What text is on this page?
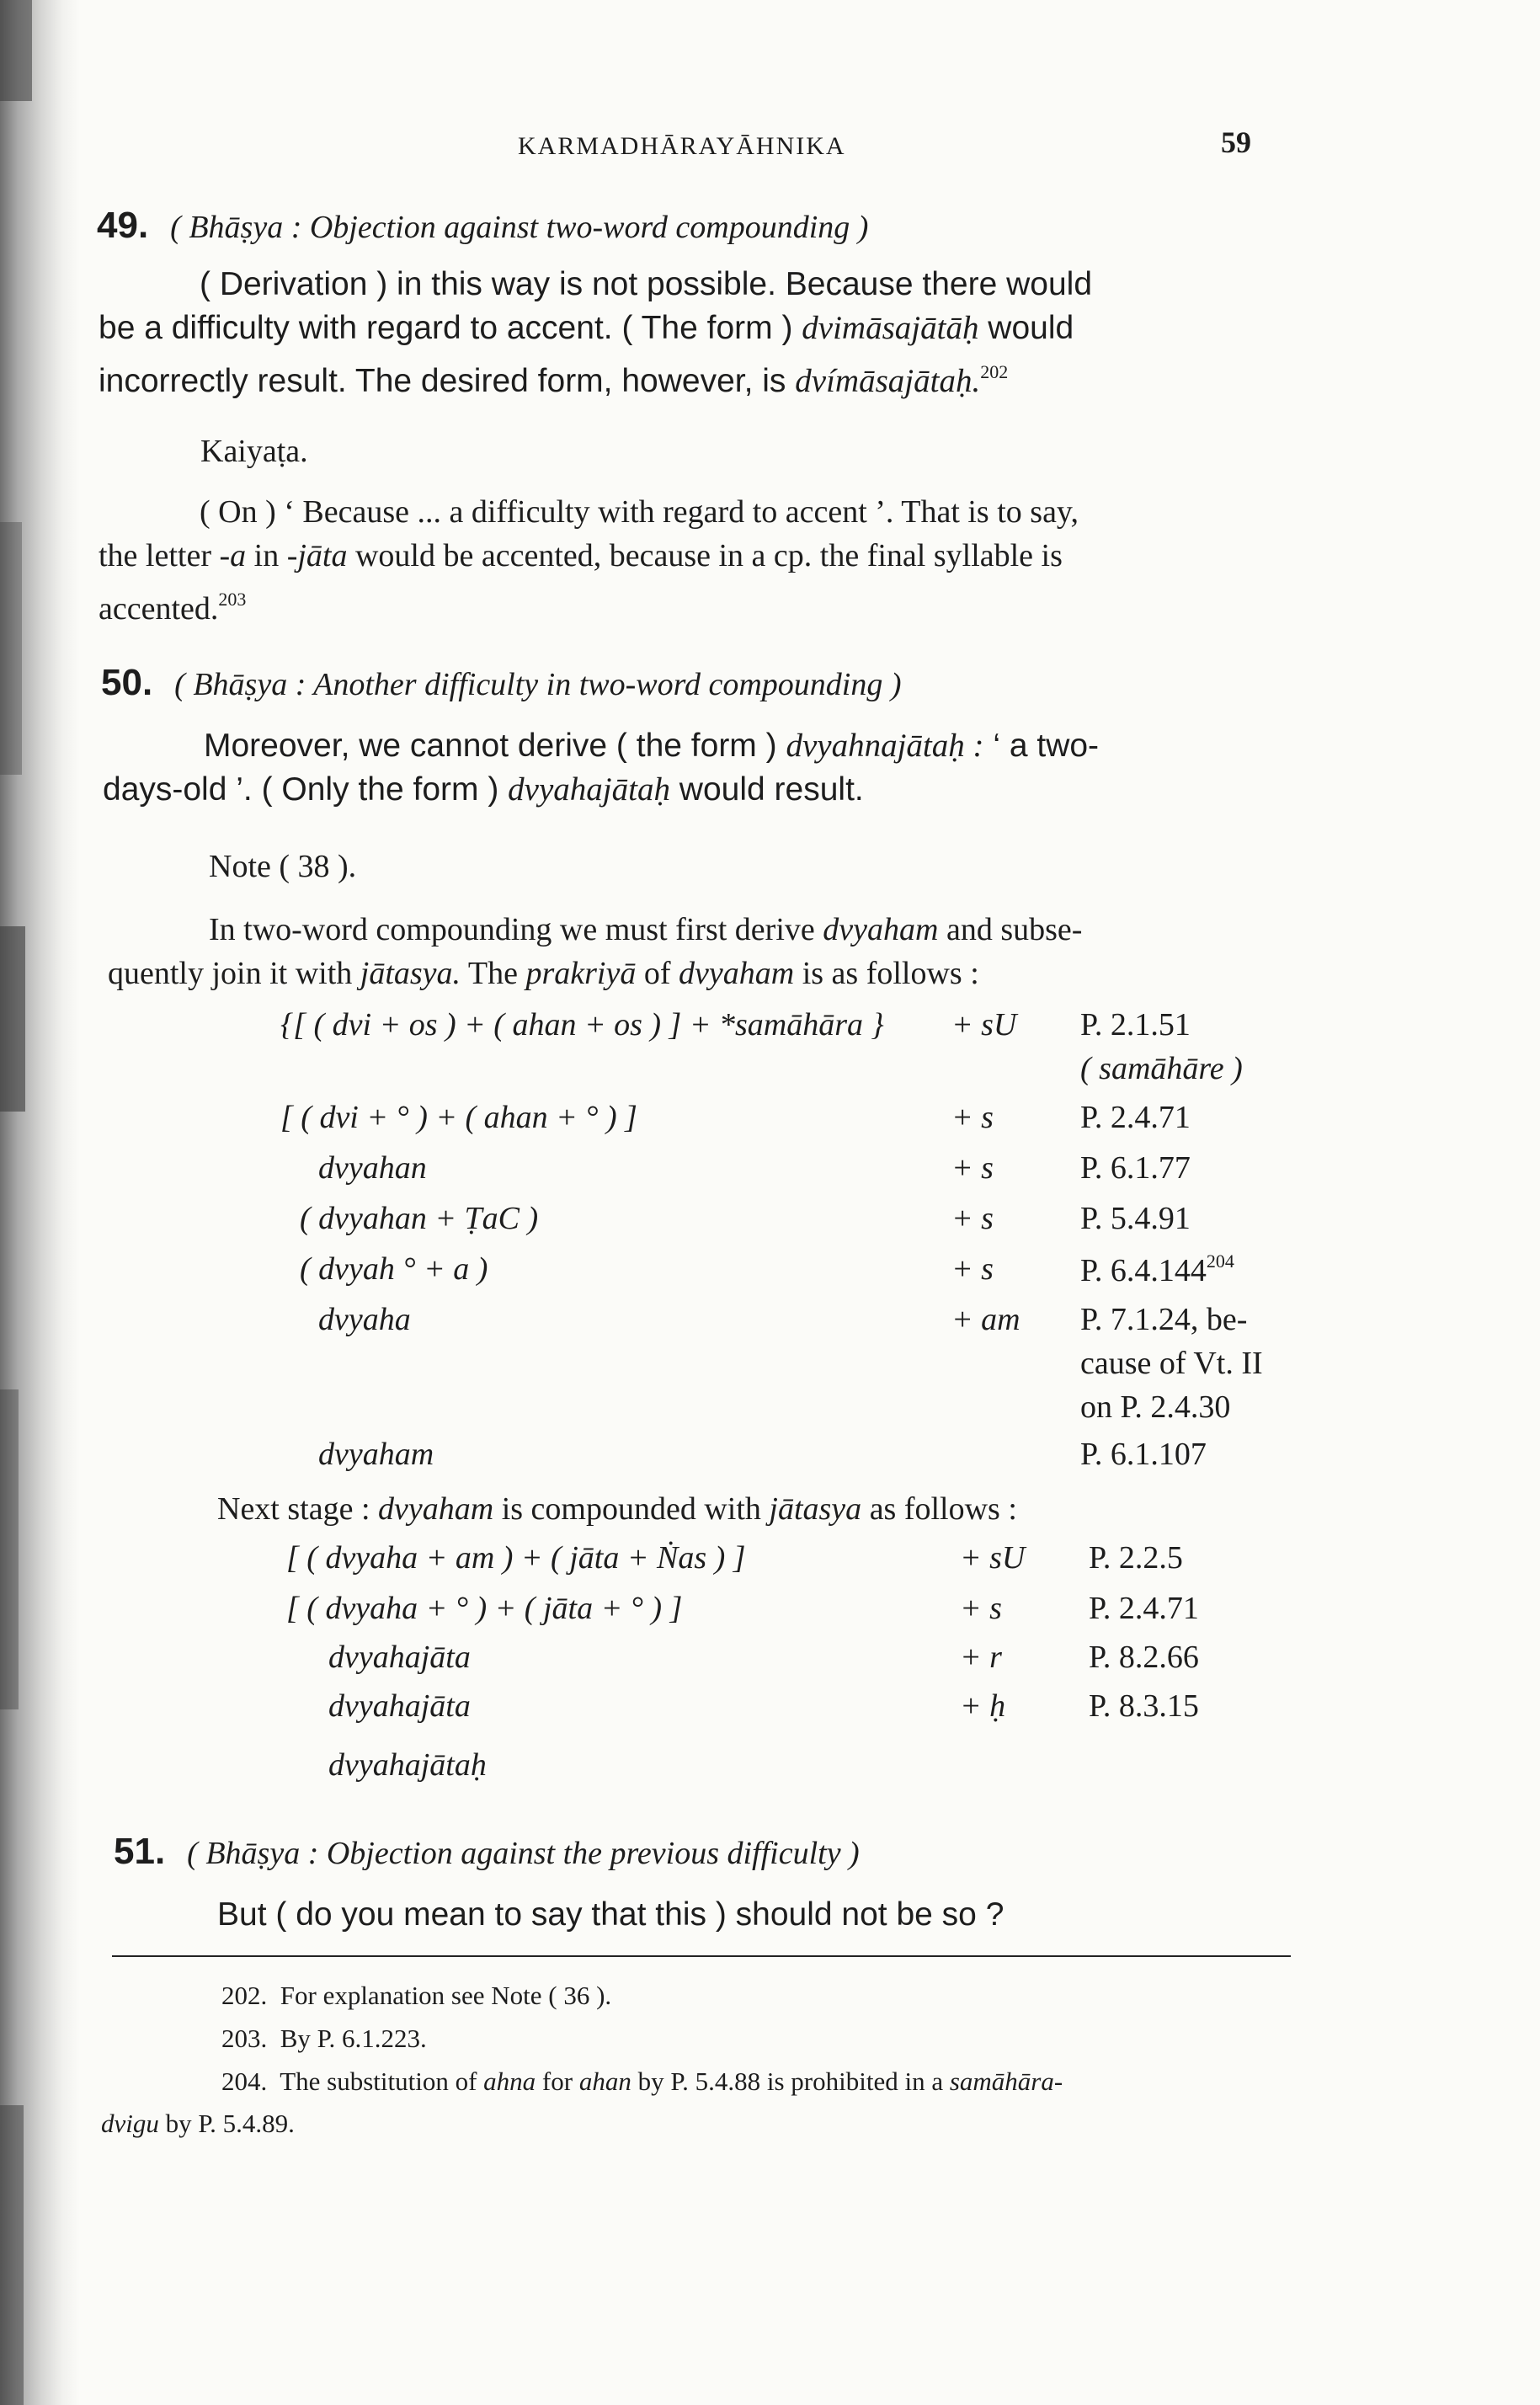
KARMADHĀRAYĀHNIKA	59
49. ( Bhāṣya : Objection against two-word compounding )
( Derivation ) in this way is not possible. Because there would
be a difficulty with regard to accent. ( The form ) dvimāsajātāḥ would
incorrectly result. The desired form, however, is dvímāsajātaḥ.$^{202}$
Kaiyaṭa.
( On ) ‘ Because ... a difficulty with regard to accent ’. That is to say,
the letter -a in -jāta would be accented, because in a cp. the final syllable is
accented.$^{203}$
50. ( Bhāṣya : Another difficulty in two-word compounding )
Moreover, we cannot derive ( the form ) dvyahnajātaḥ : ‘ a two-
days-old ’. ( Only the form ) dvyahajātaḥ would result.
Note ( 38 ).
In two-word compounding we must first derive dvyaham and subse-
quently join it with jātasya. The prakriyā of dvyaham is as follows :
{[ ( dvi + os ) + ( ahan + os ) ] + *samāhāra } + sU P. 2.1.51
( samāhāre )
[ ( dvi + ° ) + ( ahan + ° ) ]	+ s	P. 2.4.71
dvyahan	+ s	P. 6.1.77
( dvyahan + ṬaC )	+ s	P. 5.4.91
( dvyah ° + a )	+ s	P. 6.4.144$^{204}$
dvyaha	+ am P. 7.1.24, be-
cause of Vt. II
on P. 2.4.30
dvyaham	P. 6.1.107
Next stage : dvyaham is compounded with jātasya as follows :
[ ( dvyaha + am ) + ( jāta + Ṅas ) ]	+ sU P. 2.2.5
[ ( dvyaha + ° ) + ( jāta + ° ) ]	+ s	P. 2.4.71
dvyahajāta	+ r	P. 8.2.66
dvyahajāta	+ ḥ	P. 8.3.15
dvyahajātaḥ
51. ( Bhāṣya : Objection against the previous difficulty )
But ( do you mean to say that this ) should not be so ?
202. For explanation see Note ( 36 ).
203. By P. 6.1.223.
204. The substitution of ahna for ahan by P. 5.4.88 is prohibited in a samāhāra-
dvigu by P. 5.4.89.
